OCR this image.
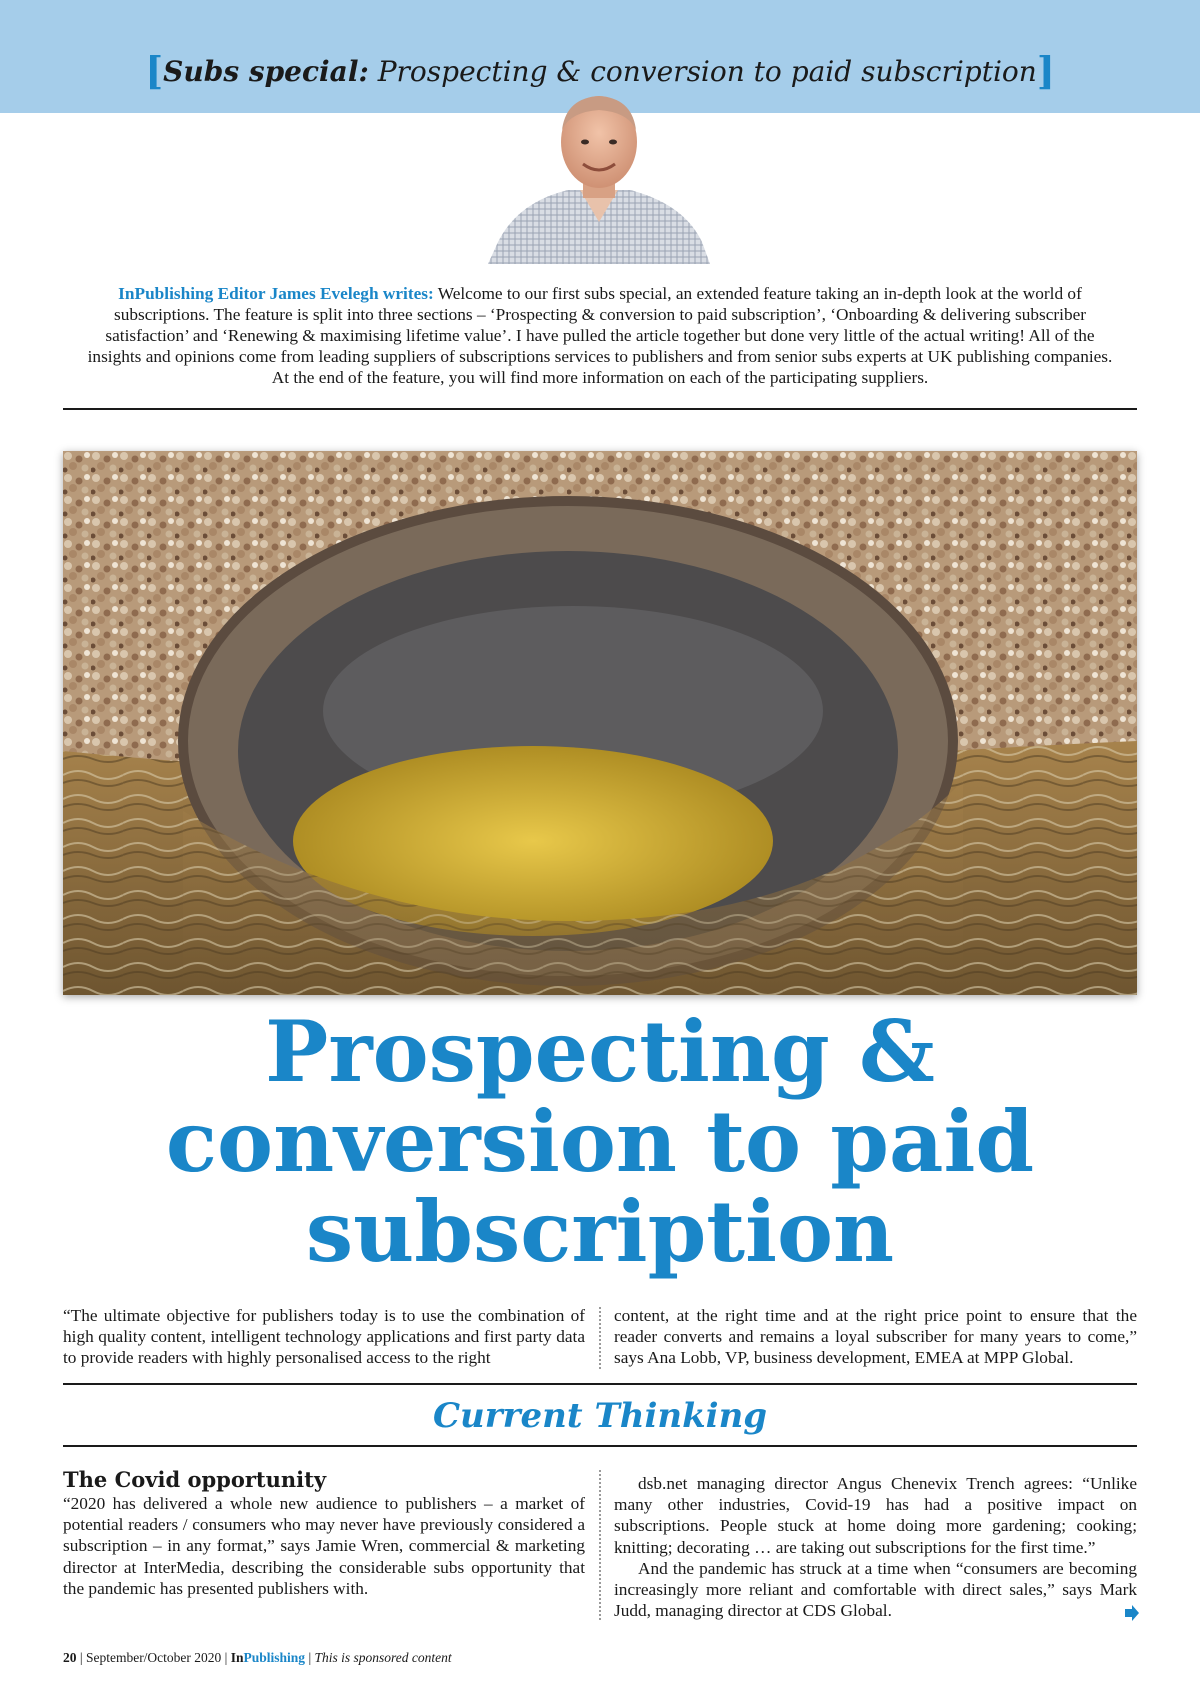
[Subs special: Prospecting & conversion to paid subscription]
InPublishing Editor James Evelegh writes: Welcome to our first subs special, an extended feature taking an in-depth look at the world of subscriptions. The feature is split into three sections – ‘Prospecting & conversion to paid subscription’, ‘Onboarding & delivering subscriber satisfaction’ and ‘Renewing & maximising lifetime value’. I have pulled the article together but done very little of the actual writing! All of the insights and opinions come from leading suppliers of subscriptions services to publishers and from senior subs experts at UK publishing companies. At the end of the feature, you will find more information on each of the participating suppliers.
Prospecting &
conversion to paid
subscription

“The ultimate objective for publishers today is to use the combination of high quality content, intelligent technology applications and first party data to provide readers with highly personalised access to the right

content, at the right time and at the right price point to ensure that the reader converts and remains a loyal subscriber for many years to come,” says Ana Lobb, VP, business development, EMEA at MPP Global.

Current Thinking
The Covid opportunity

“2020 has delivered a whole new audience to publishers – a market of potential readers / consumers who may never have previously considered a subscription – in any format,” says Jamie Wren, commercial & marketing director at InterMedia, describing the considerable subs opportunity that the pandemic has presented publishers with.

dsb.net managing director Angus Chenevix Trench agrees: “Unlike many other industries, Covid-19 has had a positive impact on subscriptions. People stuck at home doing more gardening; cooking; knitting; decorating … are taking out subscriptions for the first time.”

And the pandemic has struck at a time when “consumers are becoming increasingly more reliant and comfortable with direct sales,” says Mark Judd, managing director at CDS Global.

20 | September/October 2020 | InPublishing | This is sponsored content
